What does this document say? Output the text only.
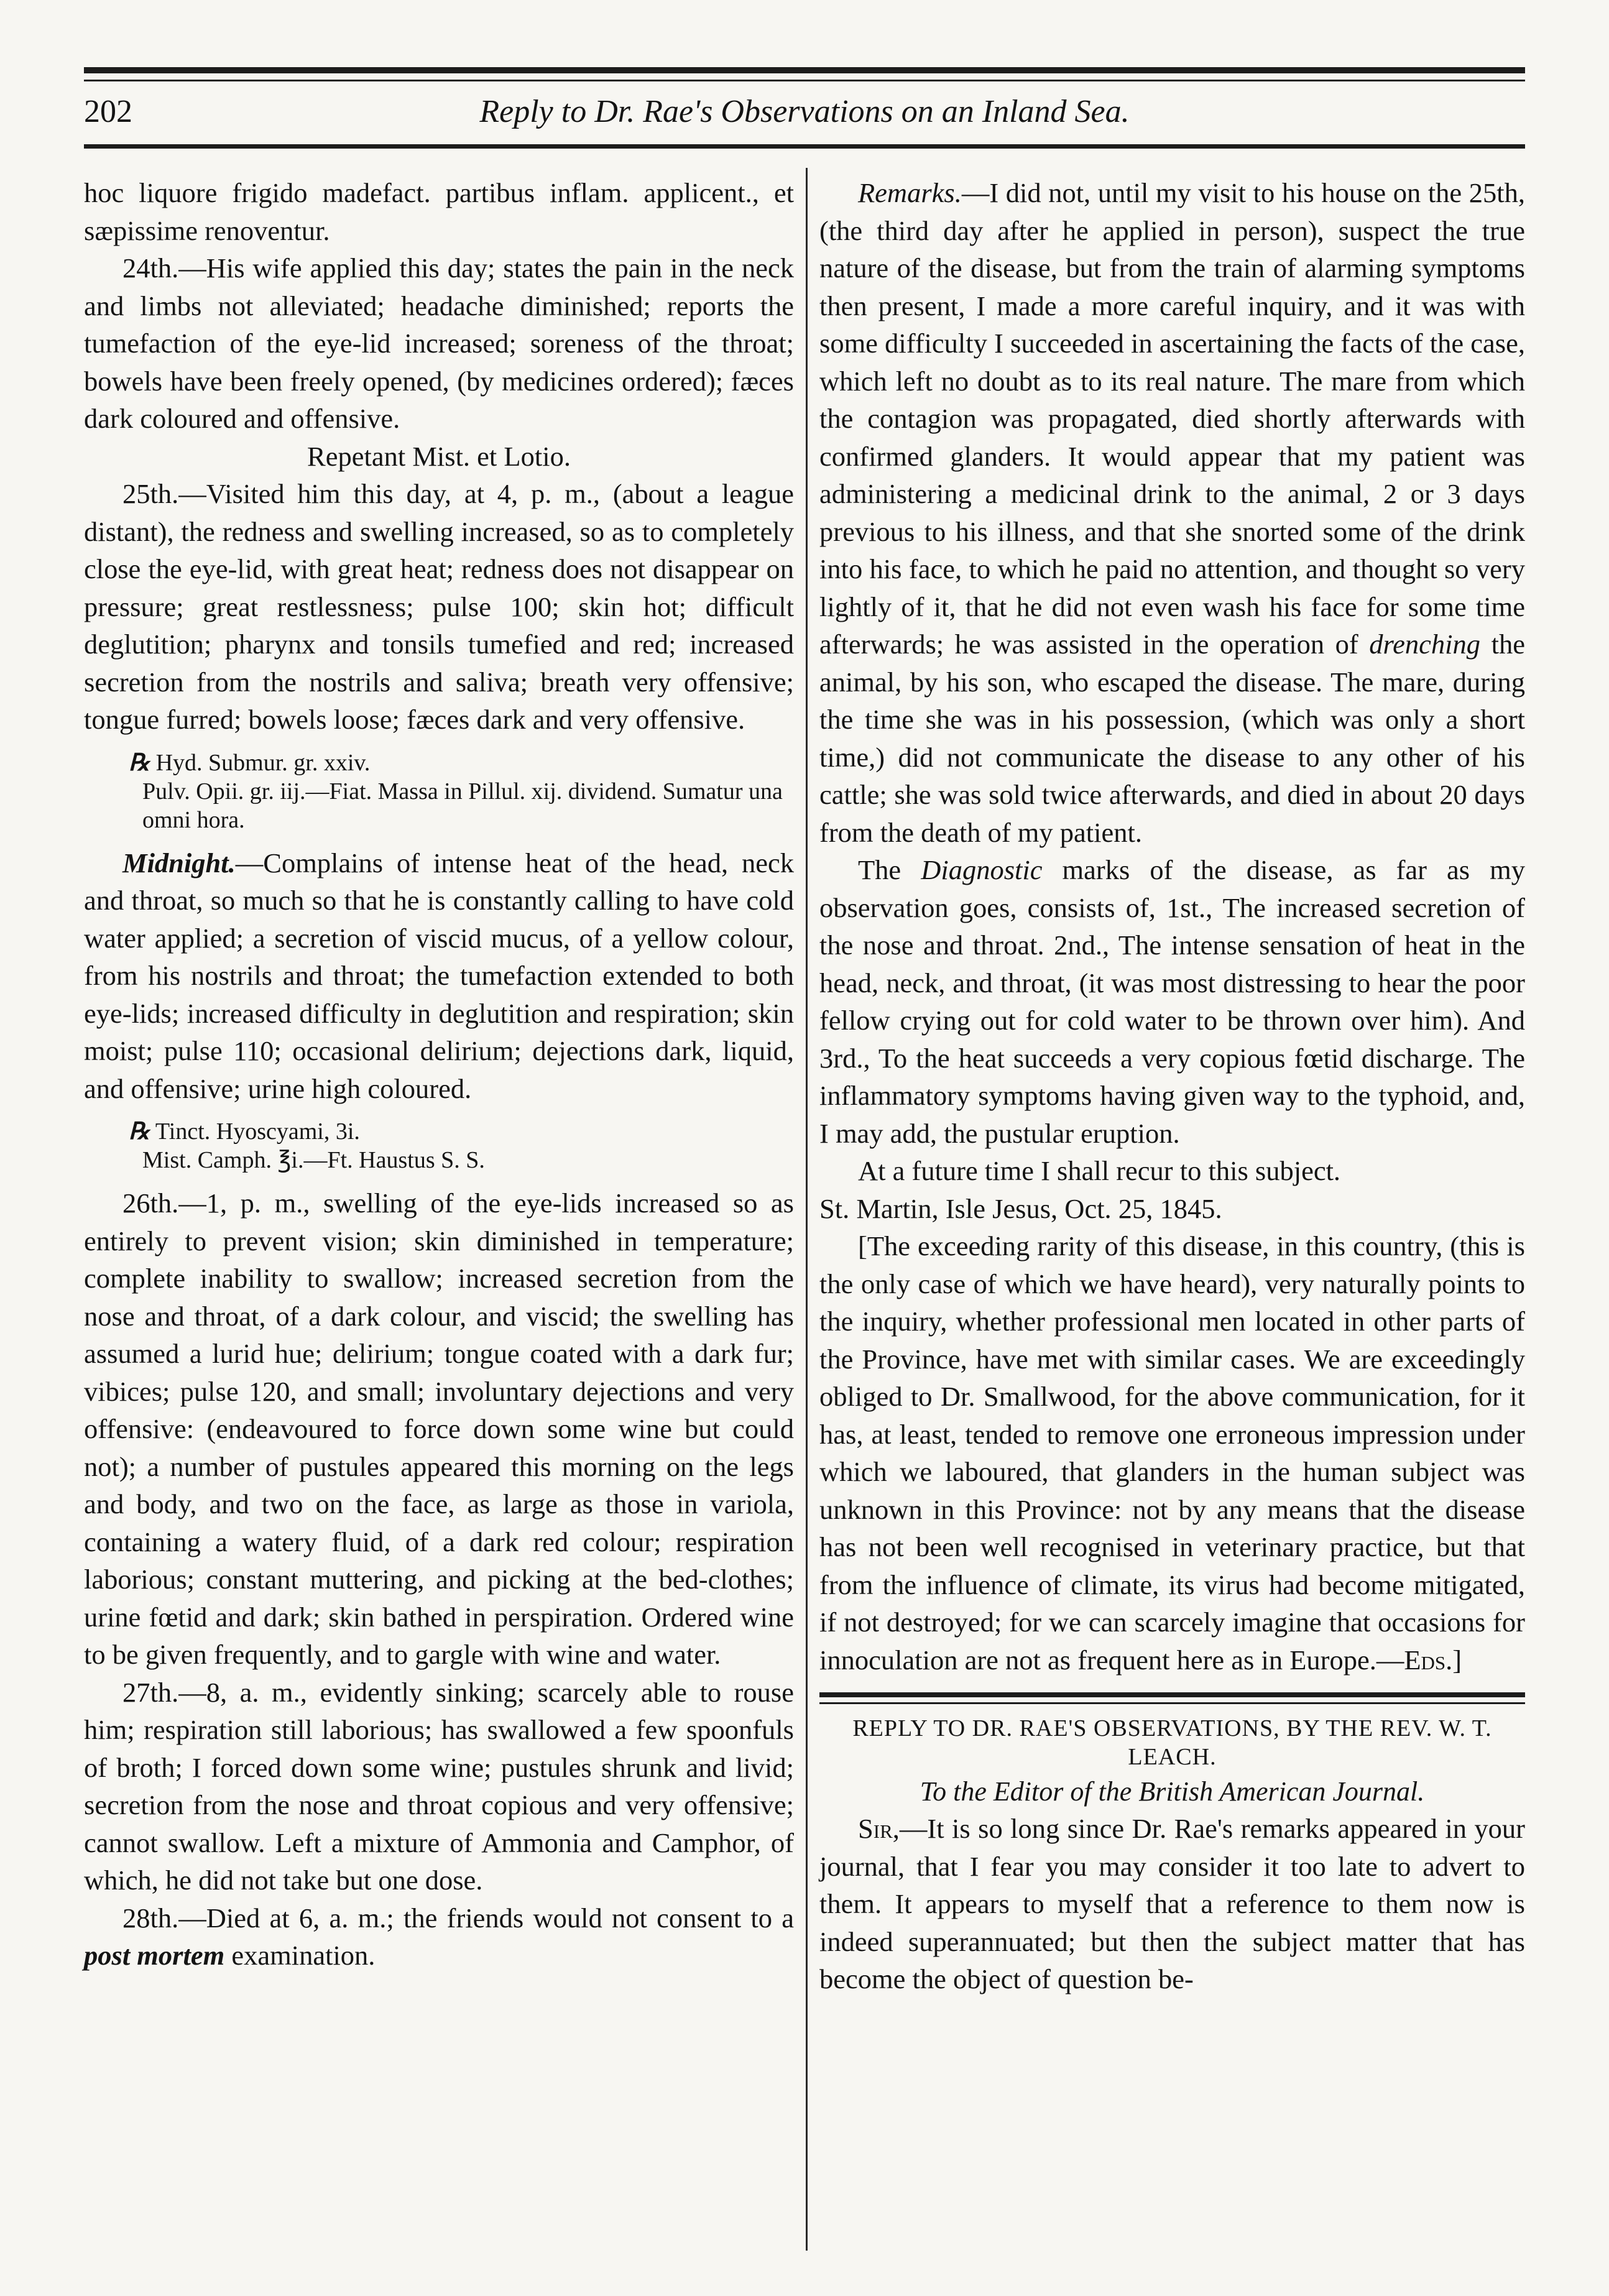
202	Reply to Dr. Rae's Observations on an Inland Sea.

hoc liquore frigido madefact. partibus inflam. applicent., et sæpissime renoventur.

24th.—His wife applied this day; states the pain in the neck and limbs not alleviated; headache diminished; reports the tumefaction of the eye-lid increased; soreness of the throat; bowels have been freely opened, (by medicines ordered); fæces dark coloured and offensive.

Repetant Mist. et Lotio.

25th.—Visited him this day, at 4, p. m., (about a league distant), the redness and swelling increased, so as to completely close the eye-lid, with great heat; redness does not disappear on pressure; great restlessness; pulse 100; skin hot; difficult deglutition; pharynx and tonsils tumefied and red; increased secretion from the nostrils and saliva; breath very offensive; tongue furred; bowels loose; fæces dark and very offensive.

℞ Hyd. Submur. gr. xxiv.
Pulv. Opii. gr. iij.—Fiat. Massa in Pillul. xij. dividend. Sumatur una omni hora.

Midnight.—Complains of intense heat of the head, neck and throat, so much so that he is constantly calling to have cold water applied; a secretion of viscid mucus, of a yellow colour, from his nostrils and throat; the tumefaction extended to both eye-lids; increased difficulty in deglutition and respiration; skin moist; pulse 110; occasional delirium; dejections dark, liquid, and offensive; urine high coloured.

℞ Tinct. Hyoscyami, 3i.
Mist. Camph. ℥i.—Ft. Haustus S. S.

26th.—1, p. m., swelling of the eye-lids increased so as entirely to prevent vision; skin diminished in temperature; complete inability to swallow; increased secretion from the nose and throat, of a dark colour, and viscid; the swelling has assumed a lurid hue; delirium; tongue coated with a dark fur; vibices; pulse 120, and small; involuntary dejections and very offensive: (endeavoured to force down some wine but could not); a number of pustules appeared this morning on the legs and body, and two on the face, as large as those in variola, containing a watery fluid, of a dark red colour; respiration laborious; constant muttering, and picking at the bed-clothes; urine fœtid and dark; skin bathed in perspiration. Ordered wine to be given frequently, and to gargle with wine and water.

27th.—8, a. m., evidently sinking; scarcely able to rouse him; respiration still laborious; has swallowed a few spoonfuls of broth; I forced down some wine; pustules shrunk and livid; secretion from the nose and throat copious and very offensive; cannot swallow. Left a mixture of Ammonia and Camphor, of which, he did not take but one dose.

28th.—Died at 6, a. m.; the friends would not consent to a post mortem examination.

Remarks.—I did not, until my visit to his house on the 25th, (the third day after he applied in person), suspect the true nature of the disease, but from the train of alarming symptoms then present, I made a more careful inquiry, and it was with some difficulty I succeeded in ascertaining the facts of the case, which left no doubt as to its real nature. The mare from which the contagion was propagated, died shortly afterwards with confirmed glanders. It would appear that my patient was administering a medicinal drink to the animal, 2 or 3 days previous to his illness, and that she snorted some of the drink into his face, to which he paid no attention, and thought so very lightly of it, that he did not even wash his face for some time afterwards; he was assisted in the operation of drenching the animal, by his son, who escaped the disease. The mare, during the time she was in his possession, (which was only a short time,) did not communicate the disease to any other of his cattle; she was sold twice afterwards, and died in about 20 days from the death of my patient.

The Diagnostic marks of the disease, as far as my observation goes, consists of, 1st., The increased secretion of the nose and throat. 2nd., The intense sensation of heat in the head, neck, and throat, (it was most distressing to hear the poor fellow crying out for cold water to be thrown over him). And 3rd., To the heat succeeds a very copious fœtid discharge. The inflammatory symptoms having given way to the typhoid, and, I may add, the pustular eruption.

At a future time I shall recur to this subject.

St. Martin, Isle Jesus, Oct. 25, 1845.

[The exceeding rarity of this disease, in this country, (this is the only case of which we have heard), very naturally points to the inquiry, whether professional men located in other parts of the Province, have met with similar cases. We are exceedingly obliged to Dr. Smallwood, for the above communication, for it has, at least, tended to remove one erroneous impression under which we laboured, that glanders in the human subject was unknown in this Province: not by any means that the disease has not been well recognised in veterinary practice, but that from the influence of climate, its virus had become mitigated, if not destroyed; for we can scarcely imagine that occasions for innoculation are not as frequent here as in Europe.—Eds.]

REPLY TO DR. RAE'S OBSERVATIONS, BY THE REV. W. T. LEACH.

To the Editor of the British American Journal.

Sir,—It is so long since Dr. Rae's remarks appeared in your journal, that I fear you may consider it too late to advert to them. It appears to myself that a reference to them now is indeed superannuated; but then the subject matter that has become the object of question be-
